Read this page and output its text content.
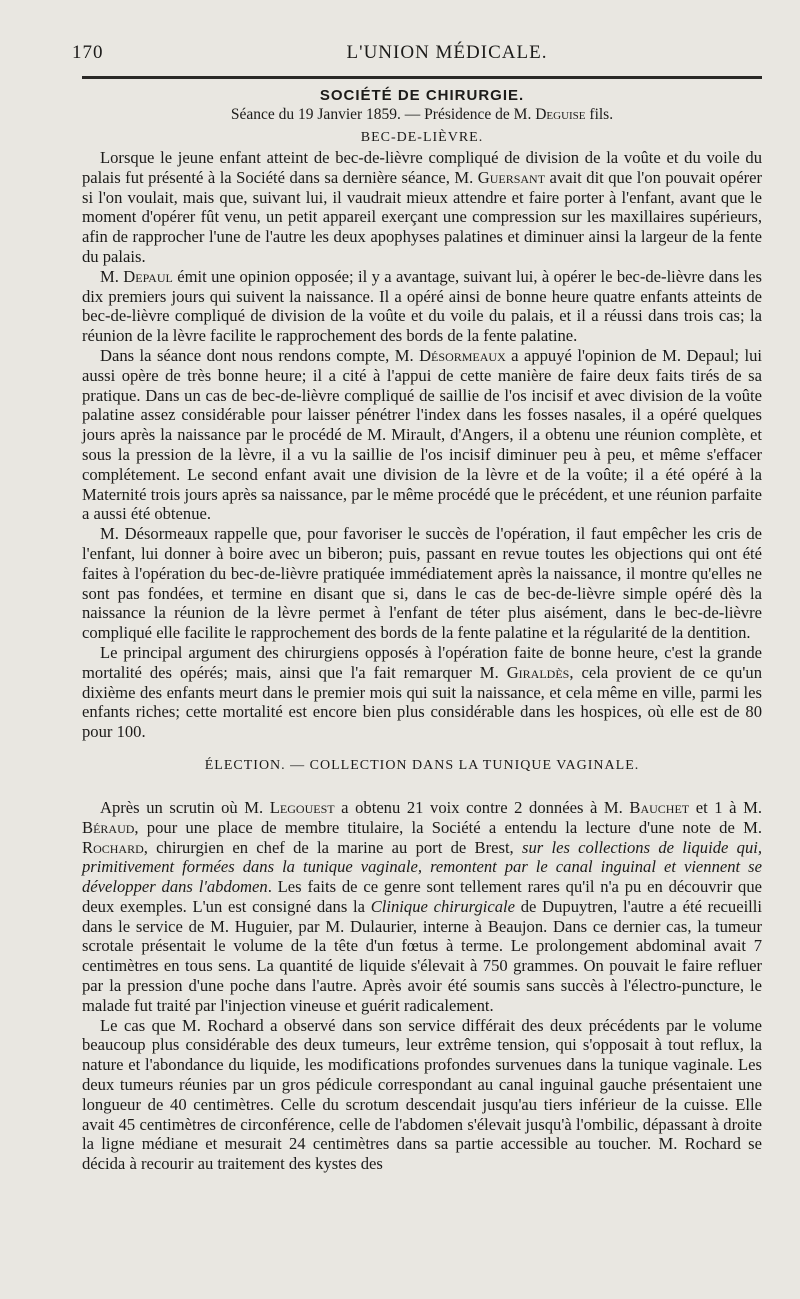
170	L'UNION MÉDICALE.
SOCIÉTÉ DE CHIRURGIE.
Séance du 19 Janvier 1859. — Présidence de M. Deguise fils.
BEC-DE-LIÈVRE.

Lorsque le jeune enfant atteint de bec-de-lièvre compliqué de division de la voûte et du voile du palais fut présenté à la Société dans sa dernière séance, M. Guersant avait dit que l'on pouvait opérer si l'on voulait, mais que, suivant lui, il vaudrait mieux attendre et faire porter à l'enfant, avant que le moment d'opérer fût venu, un petit appareil exerçant une compression sur les maxillaires supérieurs, afin de rapprocher l'une de l'autre les deux apophyses palatines et diminuer ainsi la largeur de la fente du palais.

M. Depaul émit une opinion opposée; il y a avantage, suivant lui, à opérer le bec-de-lièvre dans les dix premiers jours qui suivent la naissance. Il a opéré ainsi de bonne heure quatre enfants atteints de bec-de-lièvre compliqué de division de la voûte et du voile du palais, et il a réussi dans trois cas; la réunion de la lèvre facilite le rapprochement des bords de la fente palatine.

Dans la séance dont nous rendons compte, M. Désormeaux a appuyé l'opinion de M. Depaul; lui aussi opère de très bonne heure; il a cité à l'appui de cette manière de faire deux faits tirés de sa pratique. Dans un cas de bec-de-lièvre compliqué de saillie de l'os incisif et avec division de la voûte palatine assez considérable pour laisser pénétrer l'index dans les fosses nasales, il a opéré quelques jours après la naissance par le procédé de M. Mirault, d'Angers, il a obtenu une réunion complète, et sous la pression de la lèvre, il a vu la saillie de l'os incisif diminuer peu à peu, et même s'effacer complétement. Le second enfant avait une division de la lèvre et de la voûte; il a été opéré à la Maternité trois jours après sa naissance, par le même procédé que le précédent, et une réunion parfaite a aussi été obtenue.

M. Désormeaux rappelle que, pour favoriser le succès de l'opération, il faut empêcher les cris de l'enfant, lui donner à boire avec un biberon; puis, passant en revue toutes les objections qui ont été faites à l'opération du bec-de-lièvre pratiquée immédiatement après la naissance, il montre qu'elles ne sont pas fondées, et termine en disant que si, dans le cas de bec-de-lièvre simple opéré dès la naissance la réunion de la lèvre permet à l'enfant de téter plus aisément, dans le bec-de-lièvre compliqué elle facilite le rapprochement des bords de la fente palatine et la régularité de la dentition.

Le principal argument des chirurgiens opposés à l'opération faite de bonne heure, c'est la grande mortalité des opérés; mais, ainsi que l'a fait remarquer M. Giraldès, cela provient de ce qu'un dixième des enfants meurt dans le premier mois qui suit la naissance, et cela même en ville, parmi les enfants riches; cette mortalité est encore bien plus considérable dans les hospices, où elle est de 80 pour 100.

ÉLECTION. — COLLECTION DANS LA TUNIQUE VAGINALE.

Après un scrutin où M. Legouest a obtenu 21 voix contre 2 données à M. Bauchet et 1 à M. Béraud, pour une place de membre titulaire, la Société a entendu la lecture d'une note de M. Rochard, chirurgien en chef de la marine au port de Brest, sur les collections de liquide qui, primitivement formées dans la tunique vaginale, remontent par le canal inguinal et viennent se développer dans l'abdomen. Les faits de ce genre sont tellement rares qu'il n'a pu en découvrir que deux exemples. L'un est consigné dans la Clinique chirurgicale de Dupuytren, l'autre a été recueilli dans le service de M. Huguier, par M. Dulaurier, interne à Beaujon. Dans ce dernier cas, la tumeur scrotale présentait le volume de la tête d'un fœtus à terme. Le prolongement abdominal avait 7 centimètres en tous sens. La quantité de liquide s'élevait à 750 grammes. On pouvait le faire refluer par la pression d'une poche dans l'autre. Après avoir été soumis sans succès à l'électro-puncture, le malade fut traité par l'injection vineuse et guérit radicalement.

Le cas que M. Rochard a observé dans son service différait des deux précédents par le volume beaucoup plus considérable des deux tumeurs, leur extrême tension, qui s'opposait à tout reflux, la nature et l'abondance du liquide, les modifications profondes survenues dans la tunique vaginale. Les deux tumeurs réunies par un gros pédicule correspondant au canal inguinal gauche présentaient une longueur de 40 centimètres. Celle du scrotum descendait jusqu'au tiers inférieur de la cuisse. Elle avait 45 centimètres de circonférence, celle de l'abdomen s'élevait jusqu'à l'ombilic, dépassant à droite la ligne médiane et mesurait 24 centimètres dans sa partie accessible au toucher. M. Rochard se décida à recourir au traitement des kystes des
